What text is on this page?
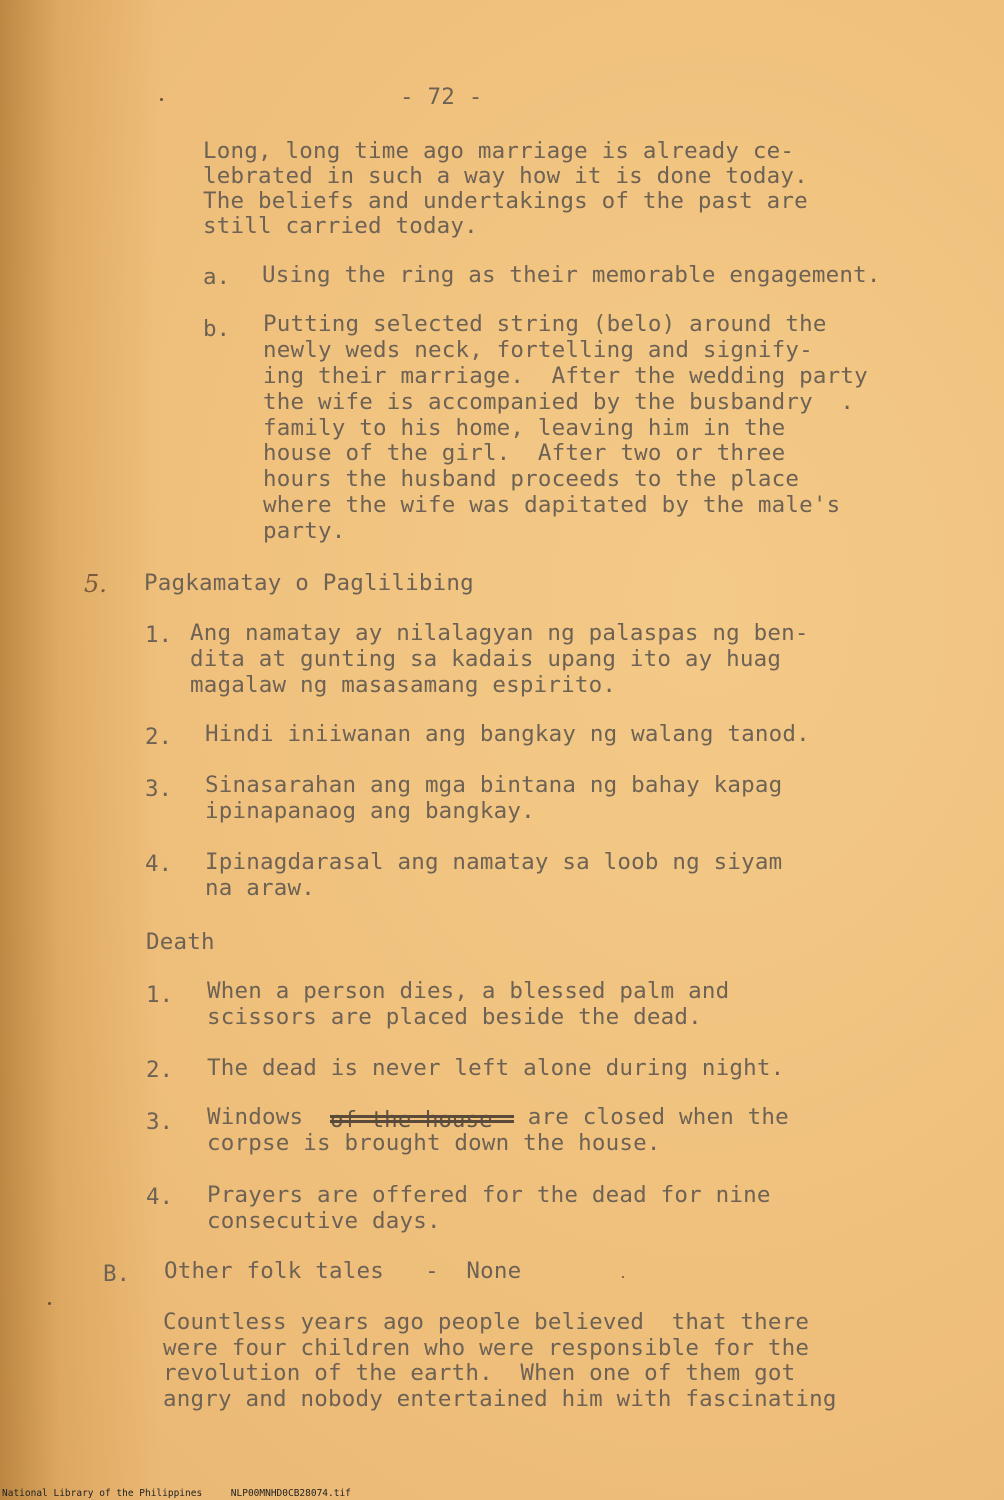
- 72 -
Long, long time ago marriage is already ce-
lebrated in such a way how it is done today.
The beliefs and undertakings of the past are
still carried today.
a. Using the ring as their memorable engagement.
b. Putting selected string (belo) around the
newly weds neck, fortelling and signify-
ing their marriage.  After the wedding party
the wife is accompanied by the busbandry  .
family to his home, leaving him in the
house of the girl.  After two or three
hours the husband proceeds to the place
where the wife was dapitated by the male's
party.
5. Pagkamatay o Paglilibing
1. Ang namatay ay nilalagyan ng palaspas ng ben-
dita at gunting sa kadais upang ito ay huag
magalaw ng masasamang espirito.
2. Hindi iniiwanan ang bangkay ng walang tanod.
3. Sinasarahan ang mga bintana ng bahay kapag
ipinapanaog ang bangkay.
4. Ipinagdarasal ang namatay sa loob ng siyam
na araw.
Death
1. When a person dies, a blessed palm and
scissors are placed beside the dead.
2. The dead is never left alone during night.
3. Windows	are closed when the
corpse is brought down the house.
4. Prayers are offered for the dead for nine
consecutive days.
B. Other folk tales   -  None
Countless years ago people believed  that there
were four children who were responsible for the
revolution of the earth.  When one of them got
angry and nobody entertained him with fascinating
National Library of the Philippines	NLP00MNHD0CB28074.tif
